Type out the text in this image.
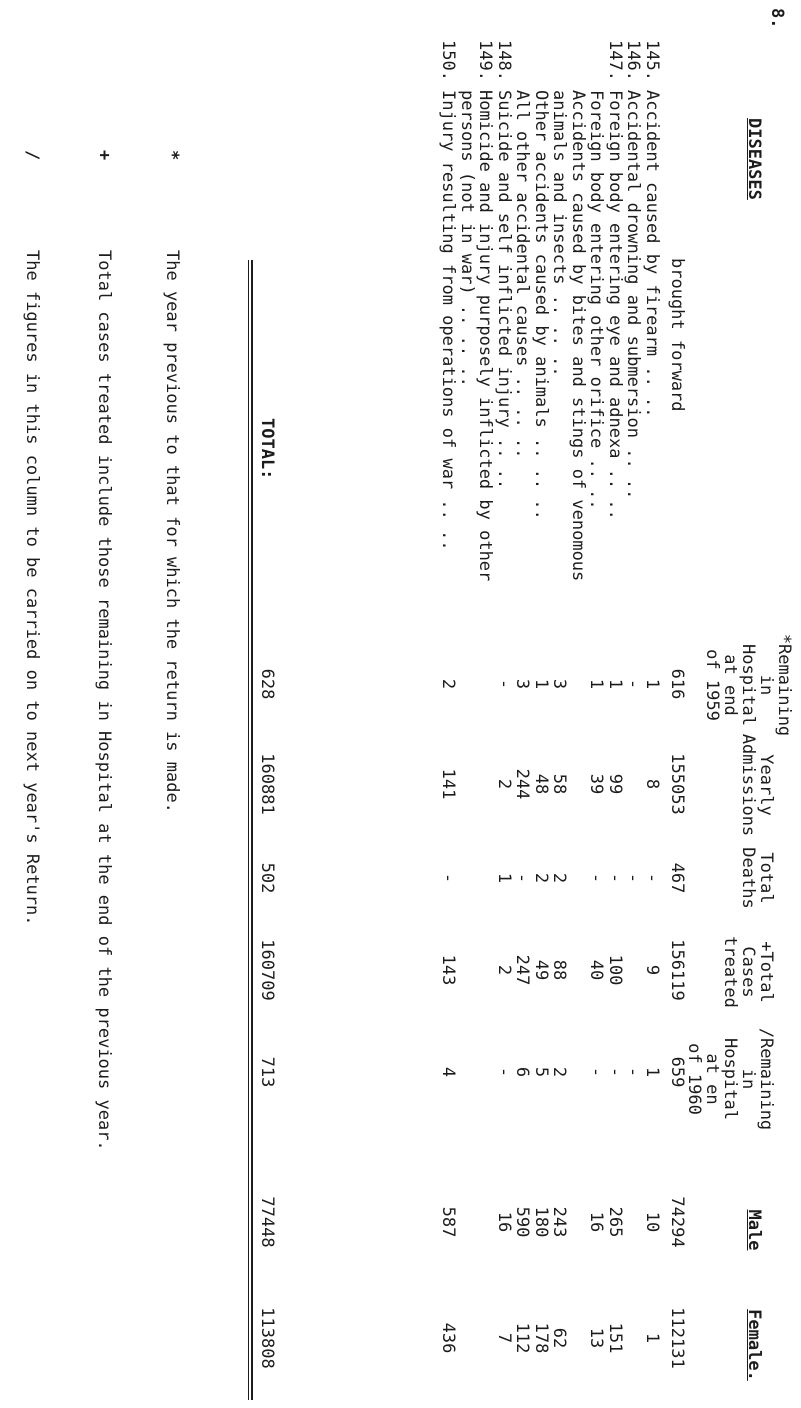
8.
DISEASES
*Remaining
in
Hospital
at end
of 1959
Yearly
Admissions
Total
Deaths
+Total
Cases
treated
/Remaining
in
Hospital
at en
of 1960
Male
Female.
brought forward
616
155053
467
156119
659
74294
112131
145.
Accident caused by firearm .. ..
1
8
-
9
1
10
1
146.
Accidental drowning and submersion .. ..
-
-
-
147.
Foreign body entering eye and adnexa .. ..
1
99
-
100
-
265
151
Foreign body entering other orifice .. ..
1
39
-
40
-
16
13
Accidents caused by bites and stings of venomous
animals and insects .. .. ..
3
58
2
88
2
243
62
Other accidents caused by animals .. .. ..
1
48
2
49
5
180
178
All other accidental causes .. .. ..
3
244
-
247
6
590
112
148.
Suicide and self inflicted injury .. ..
-
2
1
2
-
16
7
149.
Homicide and injury purposely inflicted by other
persons (not in war) .. .. ..
150.
Injury resulting from operations of war .. ..
2
141
-
143
4
587
436
TOTAL:
628
160881
502
160709
713
77448
113808
*
The year previous to that for which the return is made.
+
Total cases treated include those remaining in Hospital at the end of the previous year.
/
The figures in this column to be carried on to next year's Return.
